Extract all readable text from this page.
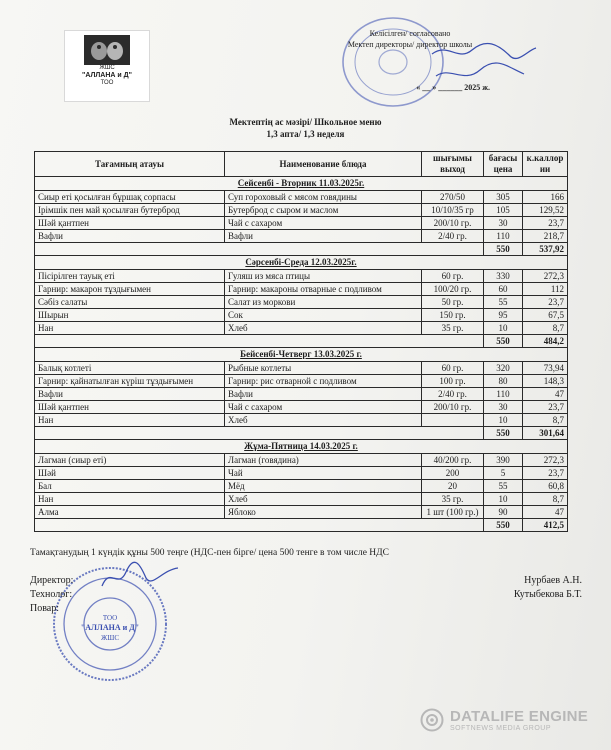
ЖШС
"АЛЛАНА и Д"
ТОО
Келісілген/ согласовано
Мектеп директоры/ директор школы
« __ » ______ 2025 ж.
Мектептің ас мәзірі/ Школьное меню
1,3 апта/ 1,3 неделя
Тағамның атауы	Наименование блюда	шығымы выход	бағасы цена	к.каллор ии
Сейсенбі - Вторник 11.03.2025г.				
Сиыр еті қосылған бұршақ сорпасы	Суп гороховый с мясом говядины	270/50	305	166
Ірімшік пен май қосылған бутерброд	Бутерброд с сыром и маслом	10/10/35 гр	105	129,52
Шәй қантпен	Чай с сахаром	200/10 гр.	30	23,7
Вафли	Вафли	2/40 гр.	110	218,7
			550	537,92
Сәрсенбі-Среда 12.03.2025г.				
Пісірілген тауық еті	Гуляш из мяса птицы	60 гр.	330	272,3
Гарнир: макарон тұздығымен	Гарнир: макароны отварные с подливом	100/20 гр.	60	112
Сәбіз салаты	Салат из моркови	50 гр.	55	23,7
Шырын	Сок	150 гр.	95	67,5
Нан	Хлеб	35 гр.	10	8,7
			550	484,2
Бейсенбі-Четверг 13.03.2025 г.				
Балық котлеті	Рыбные котлеты	60 гр.	320	73,94
Гарнир: қайнатылған күріш тұздығымен	Гарнир: рис отварной с подливом	100 гр.	80	148,3
Вафли	Вафли	2/40 гр.	110	47
Шәй қантпен	Чай с сахаром	200/10 гр.	30	23,7
Нан	Хлеб		10	8,7
			550	301,64
Жұма-Пятница 14.03.2025 г.				
Лагман (сиыр еті)	Лагман (говядина)	40/200 гр.	390	272,3
Шәй	Чай	200	5	23,7
Бал	Мёд	20	55	60,8
Нан	Хлеб	35 гр.	10	8,7
Алма	Яблоко	1 шт (100 гр.)	90	47
			550	412,5
Тамақтанудың 1 күндік құны 500 теңге (НДС-пен бірге/ цена 500 тенге в том числе НДС
ТОО
"АЛЛАНА и Д"
ЖШС
Директор:
Технолог:
Повар:
Нурбаев А.Н.
Кутыбекова Б.Т.
DATALIFE ENGINE
SOFTNEWS MEDIA GROUP
